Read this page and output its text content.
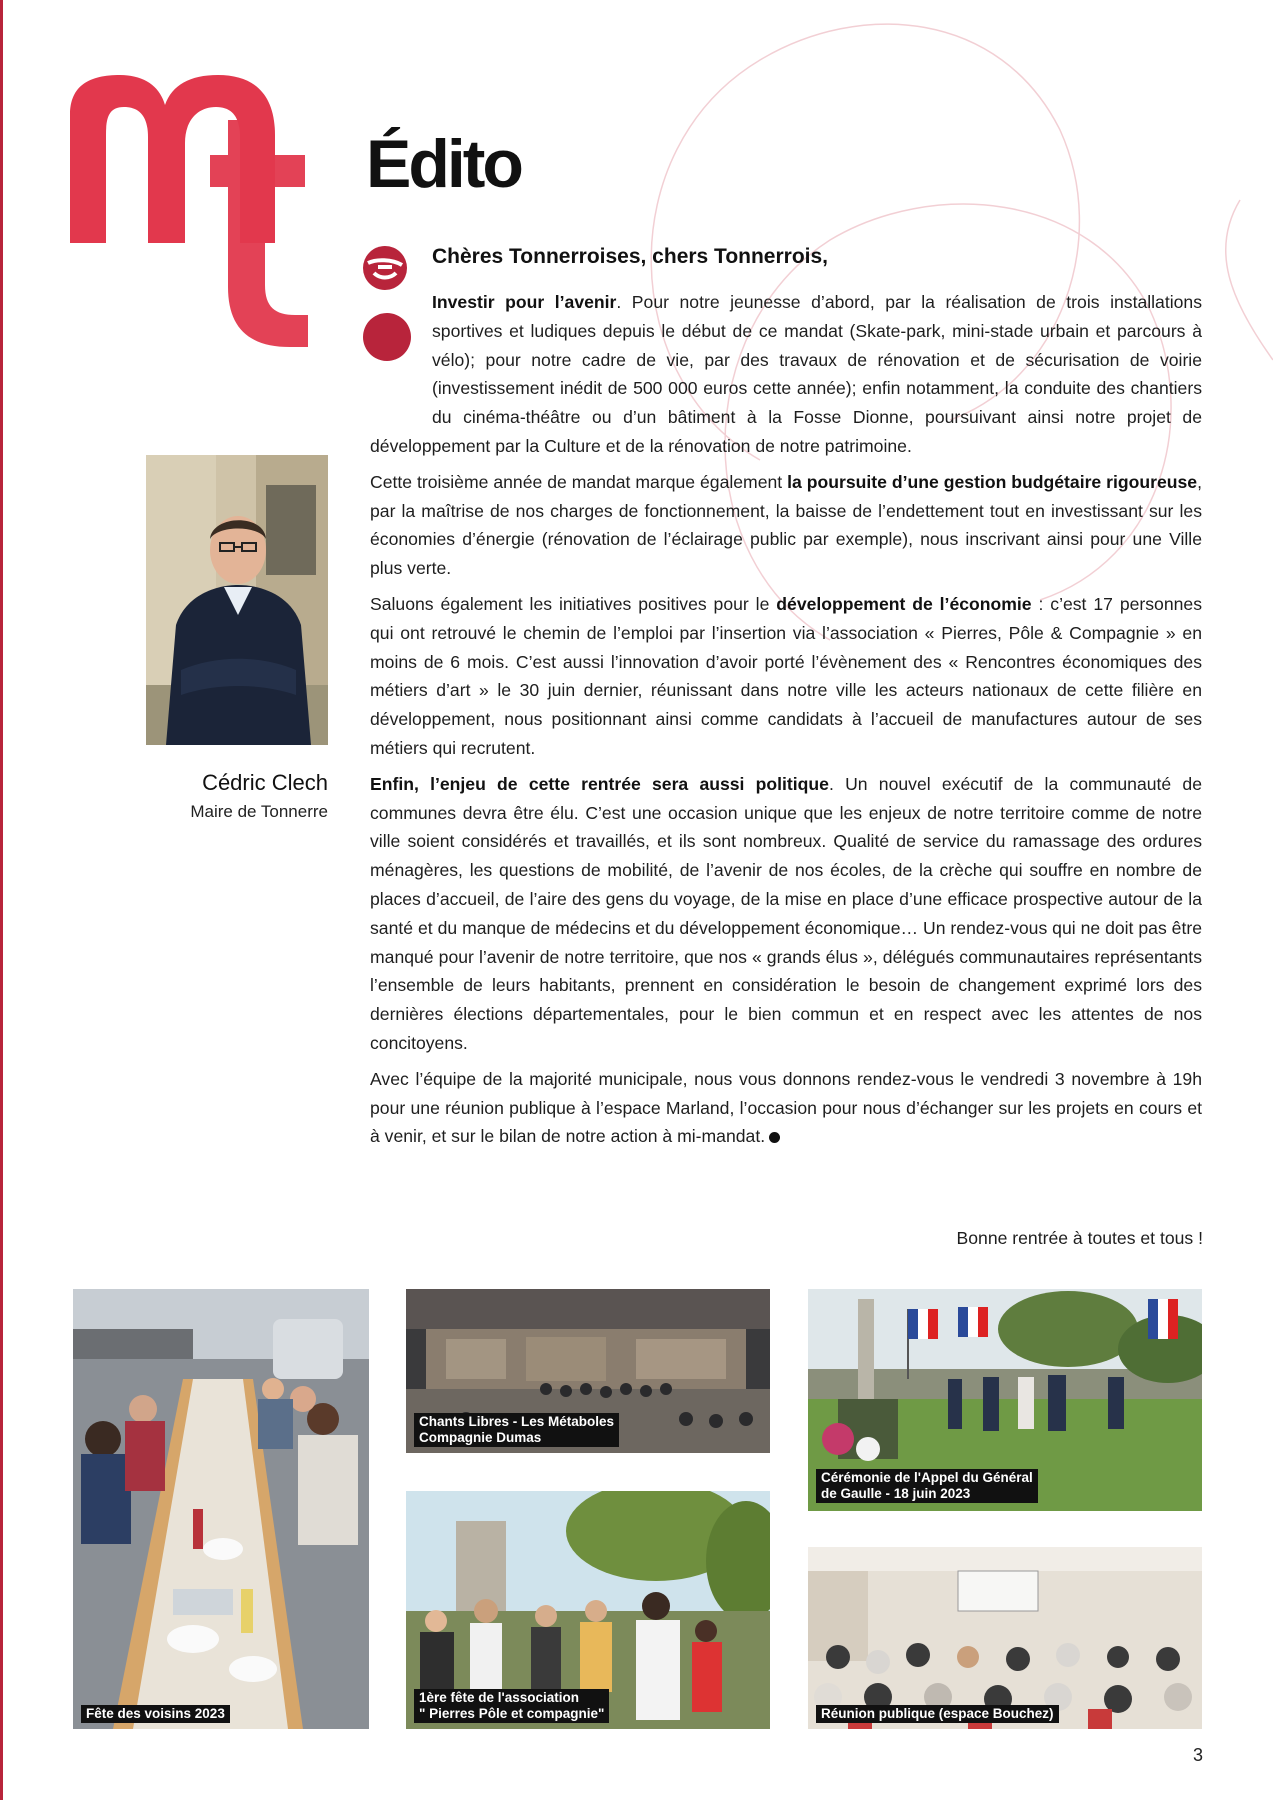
Édito
Chères Tonnerroises, chers Tonnerrois,

Investir pour l’avenir. Pour notre jeunesse d’abord, par la réalisation de trois installations sportives et ludiques depuis le début de ce mandat (Skate-park, mini-stade urbain et parcours à vélo); pour notre cadre de vie, par des travaux de rénovation et de sécurisation de voirie (investissement inédit de 500 000 euros cette année); enfin notamment, la conduite des chantiers du cinéma-théâtre ou d’un bâtiment à la Fosse Dionne, poursuivant ainsi notre projet de développement par la Culture et de la rénovation de notre patrimoine.

Cette troisième année de mandat marque également la poursuite d’une gestion budgétaire rigoureuse, par la maîtrise de nos charges de fonctionnement, la baisse de l’endettement tout en investissant sur les économies d’énergie (rénovation de l’éclairage public par exemple), nous inscrivant ainsi pour une Ville plus verte.

Saluons également les initiatives positives pour le développement de l’économie : c’est 17 personnes qui ont retrouvé le chemin de l’emploi par l’insertion via l’association « Pierres, Pôle & Compagnie » en moins de 6 mois. C’est aussi l’innovation d’avoir porté l’évènement des « Rencontres économiques des métiers d’art » le 30 juin dernier, réunissant dans notre ville les acteurs nationaux de cette filière en développement, nous positionnant ainsi comme candidats à l’accueil de manufactures autour de ses métiers qui recrutent.

Enfin, l’enjeu de cette rentrée sera aussi politique. Un nouvel exécutif de la communauté de communes devra être élu. C’est une occasion unique que les enjeux de notre territoire comme de notre ville soient considérés et travaillés, et ils sont nombreux. Qualité de service du ramassage des ordures ménagères, les questions de mobilité, de l’avenir de nos écoles, de la crèche qui souffre en nombre de places d’accueil, de l’aire des gens du voyage, de la mise en place d’une efficace prospective autour de la santé et du manque de médecins et du développement économique… Un rendez-vous qui ne doit pas être manqué pour l’avenir de notre territoire, que nos « grands élus », délégués communautaires représentants l’ensemble de leurs habitants, prennent en considération le besoin de changement exprimé lors des dernières élections départementales, pour le bien commun et en respect avec les attentes de nos concitoyens.

Avec l’équipe de la majorité municipale, nous vous donnons rendez-vous le vendredi 3 novembre à 19h pour une réunion publique à l’espace Marland, l’occasion pour nous d’échanger sur les projets en cours et à venir, et sur le bilan de notre action à mi-mandat.

Bonne rentrée à toutes et tous !
Cédric Clech
Maire de Tonnerre
Fête des voisins 2023
Chants Libres - Les Métaboles
Compagnie Dumas
Cérémonie de l'Appel du Général
de Gaulle - 18 juin 2023
1ère fête de l'association
" Pierres Pôle et compagnie"	Réunion publique (espace Bouchez)
3
